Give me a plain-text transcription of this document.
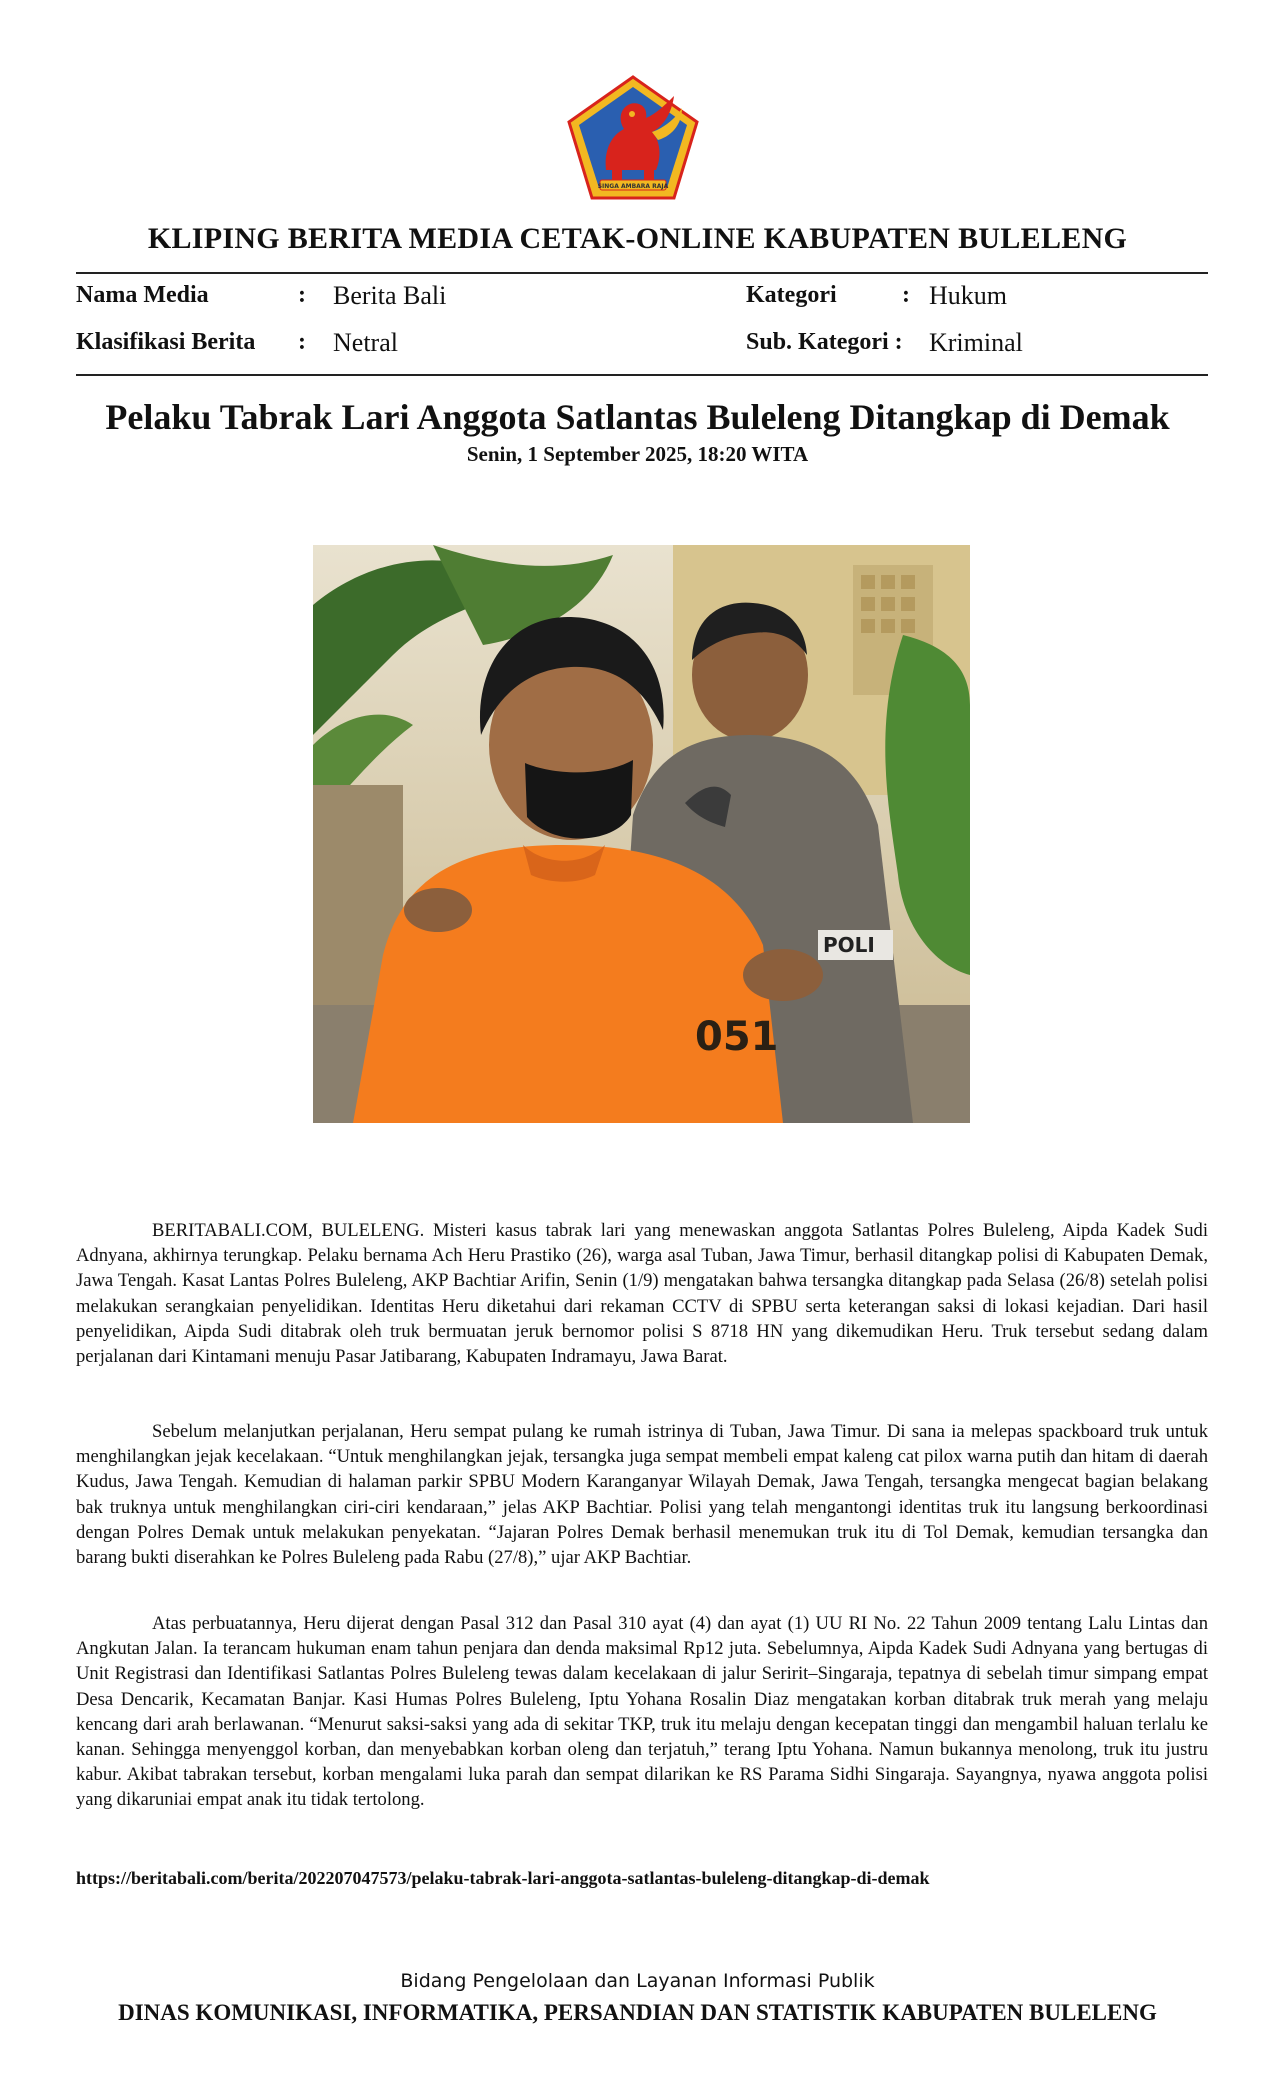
SINGA AMBARA RAJA
KLIPING BERITA MEDIA CETAK-ONLINE KABUPATEN BULELENG
Nama Media	: Berita Bali	Kategori	: Hukum
Klasifikasi Berita : Netral	Sub. Kategori : Kriminal
Pelaku Tabrak Lari Anggota Satlantas Buleleng Ditangkap di Demak
Senin, 1 September 2025, 18:20 WITA
POLI
051

BERITABALI.COM, BULELENG. Misteri kasus tabrak lari yang menewaskan anggota Satlantas Polres Buleleng, Aipda Kadek Sudi Adnyana, akhirnya terungkap. Pelaku bernama Ach Heru Prastiko (26), warga asal Tuban, Jawa Timur, berhasil ditangkap polisi di Kabupaten Demak, Jawa Tengah. Kasat Lantas Polres Buleleng, AKP Bachtiar Arifin, Senin (1/9) mengatakan bahwa tersangka ditangkap pada Selasa (26/8) setelah polisi melakukan serangkaian penyelidikan. Identitas Heru diketahui dari rekaman CCTV di SPBU serta keterangan saksi di lokasi kejadian. Dari hasil penyelidikan, Aipda Sudi ditabrak oleh truk bermuatan jeruk bernomor polisi S 8718 HN yang dikemudikan Heru. Truk tersebut sedang dalam perjalanan dari Kintamani menuju Pasar Jatibarang, Kabupaten Indramayu, Jawa Barat.

Sebelum melanjutkan perjalanan, Heru sempat pulang ke rumah istrinya di Tuban, Jawa Timur. Di sana ia melepas spackboard truk untuk menghilangkan jejak kecelakaan. “Untuk menghilangkan jejak, tersangka juga sempat membeli empat kaleng cat pilox warna putih dan hitam di daerah Kudus, Jawa Tengah. Kemudian di halaman parkir SPBU Modern Karanganyar Wilayah Demak, Jawa Tengah, tersangka mengecat bagian belakang bak truknya untuk menghilangkan ciri-ciri kendaraan,” jelas AKP Bachtiar. Polisi yang telah mengantongi identitas truk itu langsung berkoordinasi dengan Polres Demak untuk melakukan penyekatan. “Jajaran Polres Demak berhasil menemukan truk itu di Tol Demak, kemudian tersangka dan barang bukti diserahkan ke Polres Buleleng pada Rabu (27/8),” ujar AKP Bachtiar.

Atas perbuatannya, Heru dijerat dengan Pasal 312 dan Pasal 310 ayat (4) dan ayat (1) UU RI No. 22 Tahun 2009 tentang Lalu Lintas dan Angkutan Jalan. Ia terancam hukuman enam tahun penjara dan denda maksimal Rp12 juta. Sebelumnya, Aipda Kadek Sudi Adnyana yang bertugas di Unit Registrasi dan Identifikasi Satlantas Polres Buleleng tewas dalam kecelakaan di jalur Seririt–Singaraja, tepatnya di sebelah timur simpang empat Desa Dencarik, Kecamatan Banjar. Kasi Humas Polres Buleleng, Iptu Yohana Rosalin Diaz mengatakan korban ditabrak truk merah yang melaju kencang dari arah berlawanan. “Menurut saksi-saksi yang ada di sekitar TKP, truk itu melaju dengan kecepatan tinggi dan mengambil haluan terlalu ke kanan. Sehingga menyenggol korban, dan menyebabkan korban oleng dan terjatuh,” terang Iptu Yohana. Namun bukannya menolong, truk itu justru kabur. Akibat tabrakan tersebut, korban mengalami luka parah dan sempat dilarikan ke RS Parama Sidhi Singaraja. Sayangnya, nyawa anggota polisi yang dikaruniai empat anak itu tidak tertolong.

https://beritabali.com/berita/202207047573/pelaku-tabrak-lari-anggota-satlantas-buleleng-ditangkap-di-demak

Bidang Pengelolaan dan Layanan Informasi Publik
DINAS KOMUNIKASI, INFORMATIKA, PERSANDIAN DAN STATISTIK KABUPATEN BULELENG
